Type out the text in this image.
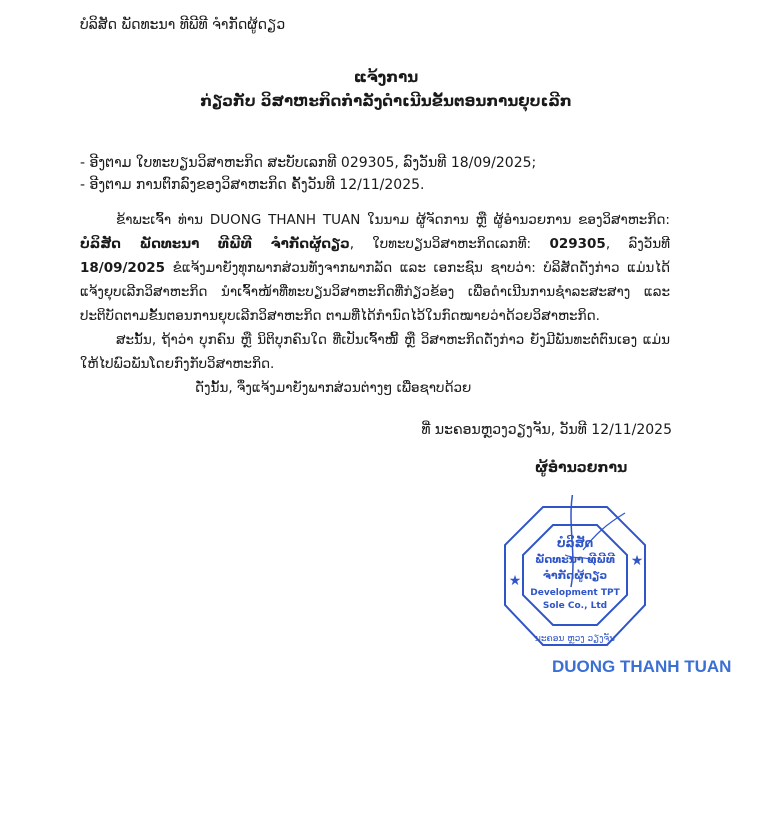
ບໍລິສັດ ພັດທະນາ ທີພີທີ ຈໍາກັດຜູ້ດຽວ
ແຈ້ງການ
ກ່ຽວກັບ ວິສາຫະກິດກໍາລັງດໍາເນີນຂັ້ນຕອນການຍຸບເລີກ
- ອີງຕາມ ໃບທະບຽນວິສາຫະກິດ ສະບັບເລກທີ 029305, ລົງວັນທີ 18/09/2025;
- ອີງຕາມ ການຕົກລົງຂອງວິສາຫະກິດ ຄັ້ງວັນທີ 12/11/2025.
ຂ້າພະເຈົ້າ ທ່ານ DUONG THANH TUAN ໃນນາມ ຜູ້ຈັດການ ຫຼື ຜູ້ອໍານວຍການ ຂອງວິສາຫະກິດ: ບໍລິສັດ ພັດທະນາ ທີພີທີ ຈໍາກັດຜູ້ດຽວ, ໃບທະບຽນວິສາຫະກິດເລກທີ: 029305, ລົງວັນທີ 18/09/2025 ຂໍແຈ້ງມາຍັງທຸກພາກສ່ວນທັງຈາກພາກລັດ ແລະ ເອກະຊົນ ຊາບວ່າ: ບໍລິສັດດັ່ງກ່າວ ແມ່ນໄດ້ແຈ້ງຍຸບເລີກວິສາຫະກິດ ນໍາເຈົ້າໜ້າທີ່ທະບຽນວິສາຫະກິດທີ່ກ່ຽວຂ້ອງ ເພື່ອດໍາເນີນການຊໍາລະສະສາງ ແລະ ປະຕິບັດຕາມຂັ້ນຕອນການຍຸບເລີກວິສາຫະກິດ ຕາມທີ່ໄດ້ກໍານົດໄວ້ໃນກົດໝາຍວ່າດ້ວຍວິສາຫະກິດ.
ສະນັ້ນ, ຖ້າວ່າ ບຸກຄົນ ຫຼື ນິຕິບຸກຄົນໃດ ທີ່ເປັນເຈົ້າໜີ້ ຫຼື ວິສາຫະກິດດັ່ງກ່າວ ຍັງມີພັນທະຕໍ່ຕົນເອງ ແມ່ນໃຫ້ໄປພົວພັນໂດຍກົງກັບວິສາຫະກິດ.
ດັ່ງນັ້ນ, ຈຶ່ງແຈ້ງມາຍັງພາກສ່ວນຕ່າງໆ ເພື່ອຊາບດ້ວຍ
ທີ່ ນະຄອນຫຼວງວຽງຈັນ, ວັນທີ 12/11/2025
ຜູ້ອໍານວຍການ
ບໍລິສັດ
ພັດທະນາ ທີພີທີ
ຈໍາກັດຜູ້ດຽວ
Development TPT
Sole Co., Ltd
★
★
ນະຄອນ ຫຼວງ ວຽງຈັນ
DUONG THANH TUAN
